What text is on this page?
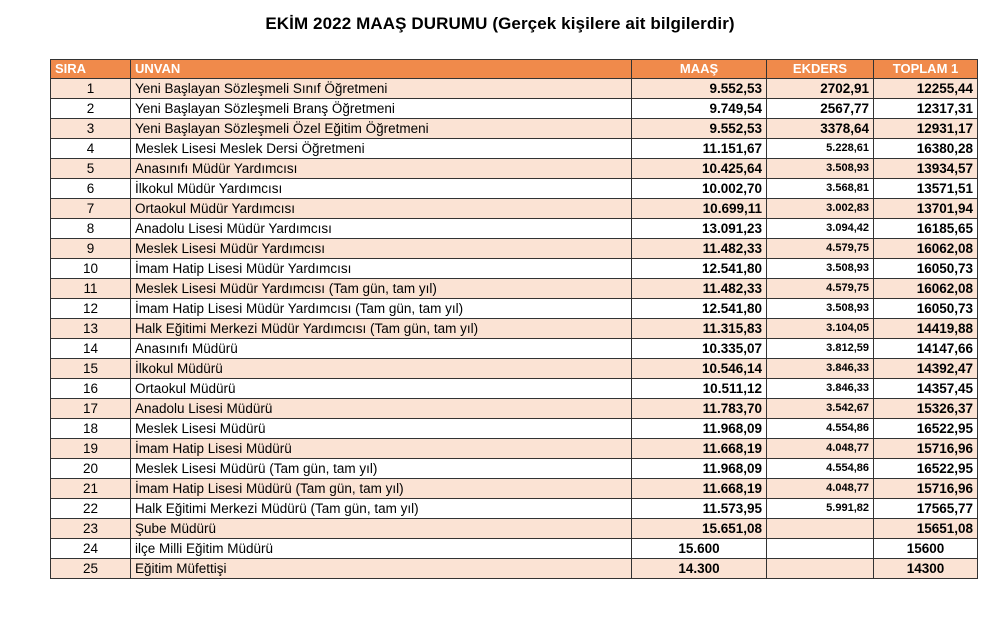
EKİM 2022 MAAŞ DURUMU (Gerçek kişilere ait bilgilerdir)
SIRA	UNVAN	MAAŞ	EKDERS	TOPLAM 1
1	Yeni Başlayan Sözleşmeli Sınıf Öğretmeni	9.552,53	2702,91	12255,44
2	Yeni Başlayan Sözleşmeli Branş Öğretmeni	9.749,54	2567,77	12317,31
3	Yeni Başlayan Sözleşmeli Özel Eğitim Öğretmeni	9.552,53	3378,64	12931,17
4	Meslek Lisesi Meslek Dersi Öğretmeni	11.151,67	5.228,61	16380,28
5	Anasınıfı Müdür Yardımcısı	10.425,64	3.508,93	13934,57
6	İlkokul Müdür Yardımcısı	10.002,70	3.568,81	13571,51
7	Ortaokul Müdür Yardımcısı	10.699,11	3.002,83	13701,94
8	Anadolu Lisesi Müdür Yardımcısı	13.091,23	3.094,42	16185,65
9	Meslek Lisesi Müdür Yardımcısı	11.482,33	4.579,75	16062,08
10	İmam Hatip Lisesi Müdür Yardımcısı	12.541,80	3.508,93	16050,73
11	Meslek Lisesi Müdür Yardımcısı (Tam gün, tam yıl)	11.482,33	4.579,75	16062,08
12	İmam Hatip Lisesi Müdür Yardımcısı (Tam gün, tam yıl)	12.541,80	3.508,93	16050,73
13	Halk Eğitimi Merkezi Müdür Yardımcısı (Tam gün, tam yıl)	11.315,83	3.104,05	14419,88
14	Anasınıfı Müdürü	10.335,07	3.812,59	14147,66
15	İlkokul Müdürü	10.546,14	3.846,33	14392,47
16	Ortaokul Müdürü	10.511,12	3.846,33	14357,45
17	Anadolu Lisesi Müdürü	11.783,70	3.542,67	15326,37
18	Meslek Lisesi Müdürü	11.968,09	4.554,86	16522,95
19	İmam Hatip Lisesi Müdürü	11.668,19	4.048,77	15716,96
20	Meslek Lisesi Müdürü (Tam gün, tam yıl)	11.968,09	4.554,86	16522,95
21	İmam Hatip Lisesi Müdürü (Tam gün, tam yıl)	11.668,19	4.048,77	15716,96
22	Halk Eğitimi Merkezi Müdürü (Tam gün, tam yıl)	11.573,95	5.991,82	17565,77
23	Şube Müdürü	15.651,08		15651,08
24	ilçe Milli Eğitim Müdürü	15.600		15600
25	Eğitim Müfettişi	14.300		14300
